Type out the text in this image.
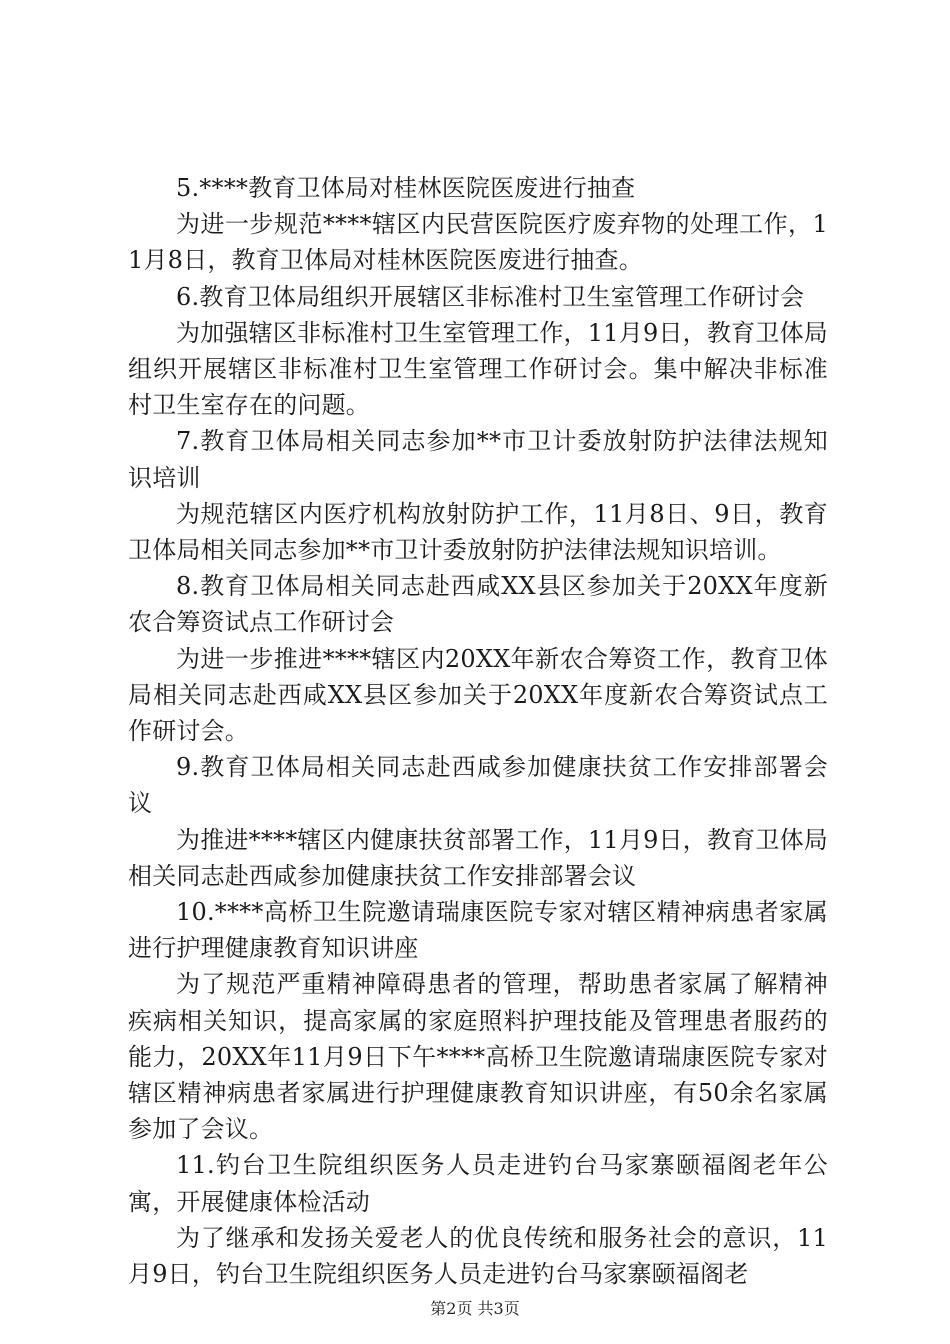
5.****教育卫体局对桂林医院医废进行抽查

为进一步规范****辖区内民营医院医疗废弃物的处理工作，11月8日，教育卫体局对桂林医院医废进行抽查。

6.教育卫体局组织开展辖区非标准村卫生室管理工作研讨会

为加强辖区非标准村卫生室管理工作，11月9日，教育卫体局组织开展辖区非标准村卫生室管理工作研讨会。集中解决非标准村卫生室存在的问题。

7.教育卫体局相关同志参加**市卫计委放射防护法律法规知识培训

为规范辖区内医疗机构放射防护工作，11月8日、9日，教育卫体局相关同志参加**市卫计委放射防护法律法规知识培训。

8.教育卫体局相关同志赴西咸XX县区参加关于20XX年度新农合筹资试点工作研讨会

为进一步推进****辖区内20XX年新农合筹资工作，教育卫体局相关同志赴西咸XX县区参加关于20XX年度新农合筹资试点工作研讨会。

9.教育卫体局相关同志赴西咸参加健康扶贫工作安排部署会议

为推进****辖区内健康扶贫部署工作，11月9日，教育卫体局相关同志赴西咸参加健康扶贫工作安排部署会议

10.****高桥卫生院邀请瑞康医院专家对辖区精神病患者家属进行护理健康教育知识讲座

为了规范严重精神障碍患者的管理，帮助患者家属了解精神疾病相关知识，提高家属的家庭照料护理技能及管理患者服药的能力，20XX年11月9日下午****高桥卫生院邀请瑞康医院专家对辖区精神病患者家属进行护理健康教育知识讲座，有50余名家属参加了会议。

11.钓台卫生院组织医务人员走进钓台马家寨颐福阁老年公寓，开展健康体检活动

为了继承和发扬关爱老人的优良传统和服务社会的意识，11月9日，钓台卫生院组织医务人员走进钓台马家寨颐福阁老

第2页 共3页
